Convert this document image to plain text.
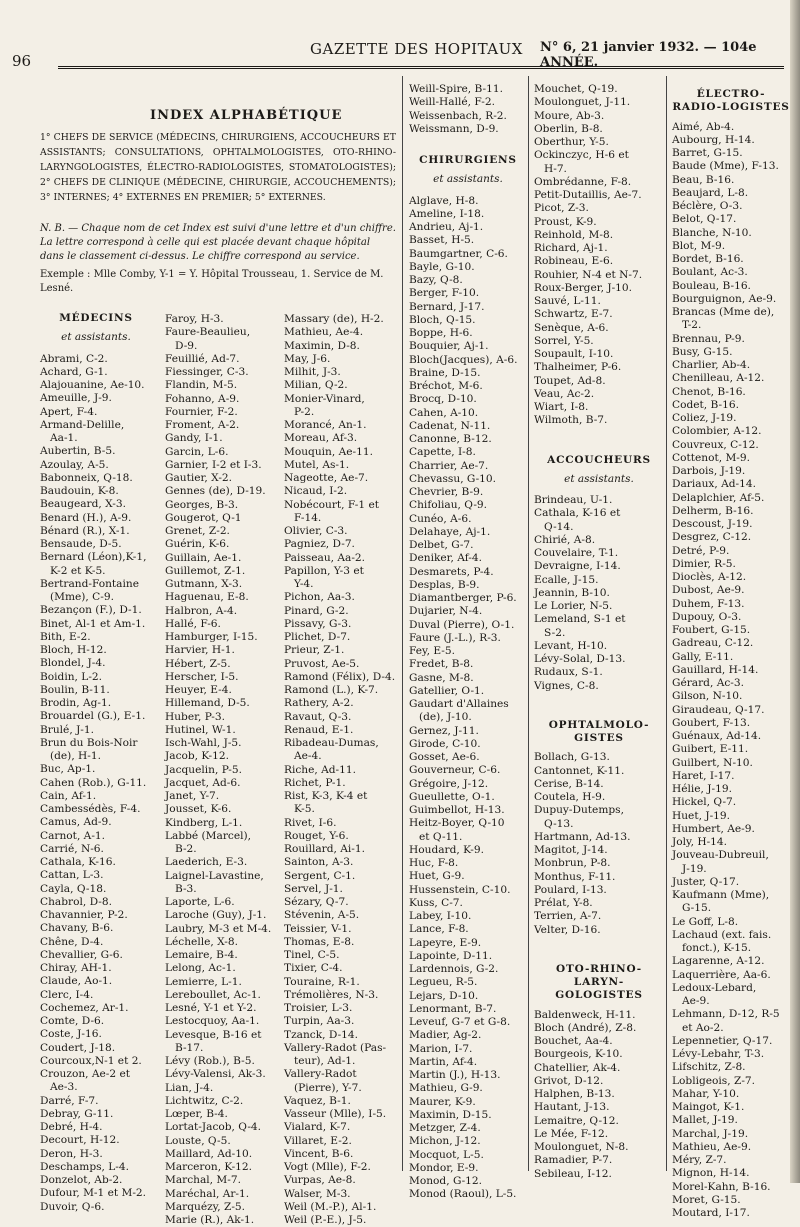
96
GAZETTE DES HOPITAUX N° 6, 21 janvier 1932. — 104e ANNÉE.
INDEX ALPHABÉTIQUE
1° CHEFS DE SERVICE (MÉDECINS, CHIRURGIENS, ACCOUCHEURS ET ASSISTANTS; CONSULTATIONS, OPHTALMOLOGISTES, OTO-RHINO-LARYNGOLOGISTES, ÉLECTRO-RADIOLOGISTES, STOMATOLOGISTES); 2° CHEFS DE CLINIQUE (MÉDECINE, CHIRURGIE, ACCOUCHEMENTS); 3° INTERNES; 4° EXTERNES EN PREMIER; 5° EXTERNES.
N. B. — Chaque nom de cet Index est suivi d'une lettre et d'un chiffre. La lettre correspond à celle qui est placée devant chaque hôpital dans le classement ci-dessus. Le chiffre correspond au service.
Exemple : Mlle Comby, Y-1 = Y. Hôpital Trousseau, 1. Service de M. Lesné.
MÉDECINS
et assistants.
Abrami, C-2.
Achard, G-1.
Alajouanine, Ae-10.
Ameuille, J-9.
Apert, F-4.
Armand-Delille,
Aa-1.
Aubertin, B-5.
Azoulay, A-5.
Babonneix, Q-18.
Baudouin, K-8.
Beaugeard, X-3.
Benard (H.), A-9.
Bénard (R.), X-1.
Bensaude, D-5.
Bernard (Léon),K-1,
K-2 et K-5.
Bertrand-Fontaine
(Mme), C-9.
Bezançon (F.), D-1.
Binet, Al-1 et Am-1.
Bith, E-2.
Bloch, H-12.
Blondel, J-4.
Boidin, L-2.
Boulin, B-11.
Brodin, Ag-1.
Brouardel (G.), E-1.
Brulé, J-1.
Brun du Bois-Noir
(de), H-1.
Buc, Ap-1.
Cahen (Rob.), G-11.
Cain, Af-1.
Cambessédès, F-4.
Camus, Ad-9.
Carnot, A-1.
Carrié, N-6.
Cathala, K-16.
Cattan, L-3.
Cayla, Q-18.
Chabrol, D-8.
Chavannier, P-2.
Chavany, B-6.
Chêne, D-4.
Chevallier, G-6.
Chiray, AH-1.
Claude, Ao-1.
Clerc, I-4.
Cochemez, Ar-1.
Comte, D-6.
Coste, J-16.
Coudert, J-18.
Courcoux,N-1 et 2.
Crouzon, Ae-2 et
Ae-3.
Darré, F-7.
Debray, G-11.
Debré, H-4.
Decourt, H-12.
Deron, H-3.
Deschamps, L-4.
Donzelot, Ab-2.
Dufour, M-1 et M-2.
Duvoir, Q-6.
Faroy, H-3.
Faure-Beaulieu,
D-9.
Feuillié, Ad-7.
Fiessinger, C-3.
Flandin, M-5.
Fohanno, A-9.
Fournier, F-2.
Froment, A-2.
Gandy, I-1.
Garcin, L-6.
Garnier, I-2 et I-3.
Gautier, X-2.
Gennes (de), D-19.
Georges, B-3.
Gougerot, Q-1
Grenet, Z-2.
Guérin, K-6.
Guillain, Ae-1.
Guillemot, Z-1.
Gutmann, X-3.
Haguenau, E-8.
Halbron, A-4.
Hallé, F-6.
Hamburger, I-15.
Harvier, H-1.
Hébert, Z-5.
Herscher, I-5.
Heuyer, E-4.
Hillemand, D-5.
Huber, P-3.
Hutinel, W-1.
Isch-Wahl, J-5.
Jacob, K-12.
Jacquelin, P-5.
Jacquet, Ad-6.
Janet, Y-7.
Jousset, K-6.
Kindberg, L-1.
Labbé (Marcel),
B-2.
Laederich, E-3.
Laignel-Lavastine,
B-3.
Laporte, L-6.
Laroche (Guy), J-1.
Laubry, M-3 et M-4.
Léchelle, X-8.
Lemaire, B-4.
Lelong, Ac-1.
Lemierre, L-1.
Lereboullet, Ac-1.
Lesné, Y-1 et Y-2.
Lestocquoy, Aa-1.
Levesque, B-16 et
B-17.
Lévy (Rob.), B-5.
Lévy-Valensi, Ak-3.
Lian, J-4.
Lichtwitz, C-2.
Lœper, B-4.
Lortat-Jacob, Q-4.
Louste, Q-5.
Maillard, Ad-10.
Marceron, K-12.
Marchal, M-7.
Maréchal, Ar-1.
Marquézy, Z-5.
Marie (R.), Ak-1.
Massary (de), H-2.
Mathieu, Ae-4.
Maximin, D-8.
May, J-6.
Milhit, J-3.
Milian, Q-2.
Monier-Vinard,
P-2.
Morancé, An-1.
Moreau, Af-3.
Mouquin, Ae-11.
Mutel, As-1.
Nageotte, Ae-7.
Nicaud, I-2.
Nobécourt, F-1 et
F-14.
Olivier, C-3.
Pagniez, D-7.
Paisseau, Aa-2.
Papillon, Y-3 et
Y-4.
Pichon, Aa-3.
Pinard, G-2.
Pissavy, G-3.
Plichet, D-7.
Prieur, Z-1.
Pruvost, Ae-5.
Ramond (Félix), D-4.
Ramond (L.), K-7.
Rathery, A-2.
Ravaut, Q-3.
Renaud, E-1.
Ribadeau-Dumas,
Ae-4.
Riche, Ad-11.
Richet, P-1.
Rist, K-3, K-4 et
K-5.
Rivet, I-6.
Rouget, Y-6.
Rouillard, Ai-1.
Sainton, A-3.
Sergent, C-1.
Servel, J-1.
Sézary, Q-7.
Stévenin, A-5.
Teissier, V-1.
Thomas, E-8.
Tinel, C-5.
Tixier, C-4.
Touraine, R-1.
Trémolières, N-3.
Troisier, L-3.
Turpin, Aa-3.
Tzanck, D-14.
Vallery-Radot (Pas-
teur), Ad-1.
Vallery-Radot
(Pierre), Y-7.
Vaquez, B-1.
Vasseur (Mlle), I-5.
Vialard, K-7.
Villaret, E-2.
Vincent, B-6.
Vogt (Mlle), F-2.
Vurpas, Ae-8.
Walser, M-3.
Weil (M.-P.), Al-1.
Weil (P.-E.), J-5.
Weill-Spire, B-11.
Weill-Hallé, F-2.
Weissenbach, R-2.
Weissmann, D-9.
CHIRURGIENS
et assistants.
Alglave, H-8.
Ameline, I-18.
Andrieu, Aj-1.
Basset, H-5.
Baumgartner, C-6.
Bayle, G-10.
Bazy, Q-8.
Berger, F-10.
Bernard, J-17.
Bloch, Q-15.
Boppe, H-6.
Bouquier, Aj-1.
Bloch(Jacques), A-6.
Braine, D-15.
Bréchot, M-6.
Brocq, D-10.
Cahen, A-10.
Cadenat, N-11.
Canonne, B-12.
Capette, I-8.
Charrier, Ae-7.
Chevassu, G-10.
Chevrier, B-9.
Chifoliau, Q-9.
Cunéo, A-6.
Delahaye, Aj-1.
Delbet, G-7.
Deniker, Af-4.
Desmarets, P-4.
Desplas, B-9.
Diamantberger, P-6.
Dujarier, N-4.
Duval (Pierre), O-1.
Faure (J.-L.), R-3.
Fey, E-5.
Fredet, B-8.
Gasne, M-8.
Gatellier, O-1.
Gaudart d'Allaines
(de), J-10.
Gernez, J-11.
Girode, C-10.
Gosset, Ae-6.
Gouverneur, C-6.
Grégoire, J-12.
Gueullette, O-1.
Guimbellot, H-13.
Heitz-Boyer, Q-10
et Q-11.
Houdard, K-9.
Huc, F-8.
Huet, G-9.
Hussenstein, C-10.
Kuss, C-7.
Labey, I-10.
Lance, F-8.
Lapeyre, E-9.
Lapointe, D-11.
Lardennois, G-2.
Legueu, R-5.
Lejars, D-10.
Lenormant, B-7.
Leveuf, G-7 et G-8.
Madier, Ag-2.
Marion, I-7.
Martin, Af-4.
Martin (J.), H-13.
Mathieu, G-9.
Maurer, K-9.
Maximin, D-15.
Metzger, Z-4.
Michon, J-12.
Mocquot, L-5.
Mondor, E-9.
Monod, G-12.
Monod (Raoul), L-5.
Mouchet, Q-19.
Moulonguet, J-11.
Moure, Ab-3.
Oberlin, B-8.
Oberthur, Y-5.
Ockinczyc, H-6 et
H-7.
Ombrédanne, F-8.
Petit-Dutaillis, Ae-7.
Picot, Z-3.
Proust, K-9.
Reinhold, M-8.
Richard, Aj-1.
Robineau, E-6.
Rouhier, N-4 et N-7.
Roux-Berger, J-10.
Sauvé, L-11.
Schwartz, E-7.
Senèque, A-6.
Sorrel, Y-5.
Soupault, I-10.
Thalheimer, P-6.
Toupet, Ad-8.
Veau, Ac-2.
Wiart, I-8.
Wilmoth, B-7.
ACCOUCHEURS
et assistants.
Brindeau, U-1.
Cathala, K-16 et
Q-14.
Chirié, A-8.
Couvelaire, T-1.
Devraigne, I-14.
Ecalle, J-15.
Jeannin, B-10.
Le Lorier, N-5.
Lemeland, S-1 et
S-2.
Levant, H-10.
Lévy-Solal, D-13.
Rudaux, S-1.
Vignes, C-8.
OPHTALMOLO-GISTES
Bollach, G-13.
Cantonnet, K-11.
Cerise, B-14.
Coutela, H-9.
Dupuy-Dutemps,
Q-13.
Hartmann, Ad-13.
Magitot, J-14.
Monbrun, P-8.
Monthus, F-11.
Poulard, I-13.
Prélat, Y-8.
Terrien, A-7.
Velter, D-16.
OTO-RHINO-LARYN-GOLOGISTES
Baldenweck, H-11.
Bloch (André), Z-8.
Bouchet, Aa-4.
Bourgeois, K-10.
Chatellier, Ak-4.
Grivot, D-12.
Halphen, B-13.
Hautant, J-13.
Lemaitre, Q-12.
Le Mée, F-12.
Moulonguet, N-8.
Ramadier, P-7.
Sebileau, I-12.
ÉLECTRO-RADIO-LOGISTES
Aimé, Ab-4.
Aubourg, H-14.
Barret, G-15.
Baude (Mme), F-13.
Beau, B-16.
Beaujard, L-8.
Béclère, O-3.
Belot, Q-17.
Blanche, N-10.
Blot, M-9.
Bordet, B-16.
Boulant, Ac-3.
Bouleau, B-16.
Bourguignon, Ae-9.
Brancas (Mme de),
T-2.
Brennau, P-9.
Busy, G-15.
Charlier, Ab-4.
Chenilleau, A-12.
Chenot, B-16.
Codet, B-16.
Coliez, J-19.
Colombier, A-12.
Couvreux, C-12.
Cottenot, M-9.
Darbois, J-19.
Dariaux, Ad-14.
Delaplchier, Af-5.
Delherm, B-16.
Descoust, J-19.
Desgrez, C-12.
Detré, P-9.
Dimier, R-5.
Dioclès, A-12.
Dubost, Ae-9.
Duhem, F-13.
Dupouy, O-3.
Foubert, G-15.
Gadreau, C-12.
Gally, E-11.
Gauillard, H-14.
Gérard, Ac-3.
Gilson, N-10.
Giraudeau, Q-17.
Goubert, F-13.
Guénaux, Ad-14.
Guibert, E-11.
Guilbert, N-10.
Haret, I-17.
Hélie, J-19.
Hickel, Q-7.
Huet, J-19.
Humbert, Ae-9.
Joly, H-14.
Jouveau-Dubreuil,
J-19.
Juster, Q-17.
Kaufmann (Mme),
G-15.
Le Goff, L-8.
Lachaud (ext. fais.
fonct.), K-15.
Lagarenne, A-12.
Laquerrière, Aa-6.
Ledoux-Lebard,
Ae-9.
Lehmann, D-12, R-5
et Ao-2.
Lepennetier, Q-17.
Lévy-Lebahr, T-3.
Lifschitz, Z-8.
Lobligeois, Z-7.
Mahar, Y-10.
Maingot, K-1.
Mallet, J-19.
Marchal, J-19.
Mathieu, Ae-9.
Méry, Z-7.
Mignon, H-14.
Morel-Kahn, B-16.
Moret, G-15.
Moutard, I-17.
